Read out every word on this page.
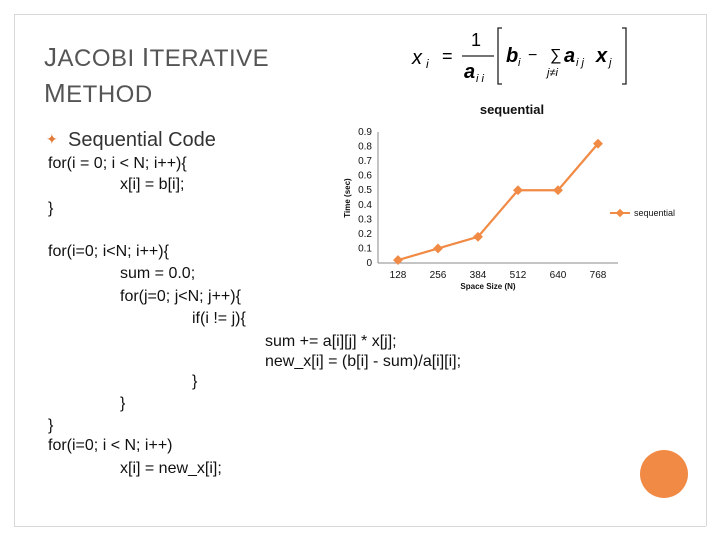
JACOBI ITERATIVE
METHOD
x i =
1
a i i
b i − ∑
j≠i
a i j x j
✦ Sequential Code
for(i = 0; i < N; i++){
x[i] = b[i];
}
for(i=0; i<N; i++){
sum = 0.0;
for(j=0; j<N; j++){
if(i != j){
sum += a[i][j] * x[j];
new_x[i] = (b[i] - sum)/a[i][i];
}
}
}
for(i=0; i < N; i++)
x[i] = new_x[i];
sequential
Time (sec)
Space Size (N)
0.9
0.8
0.7
0.6
0.5
0.4
0.3
0.2
0.1
0
128 256 384 512 640 768
sequential
